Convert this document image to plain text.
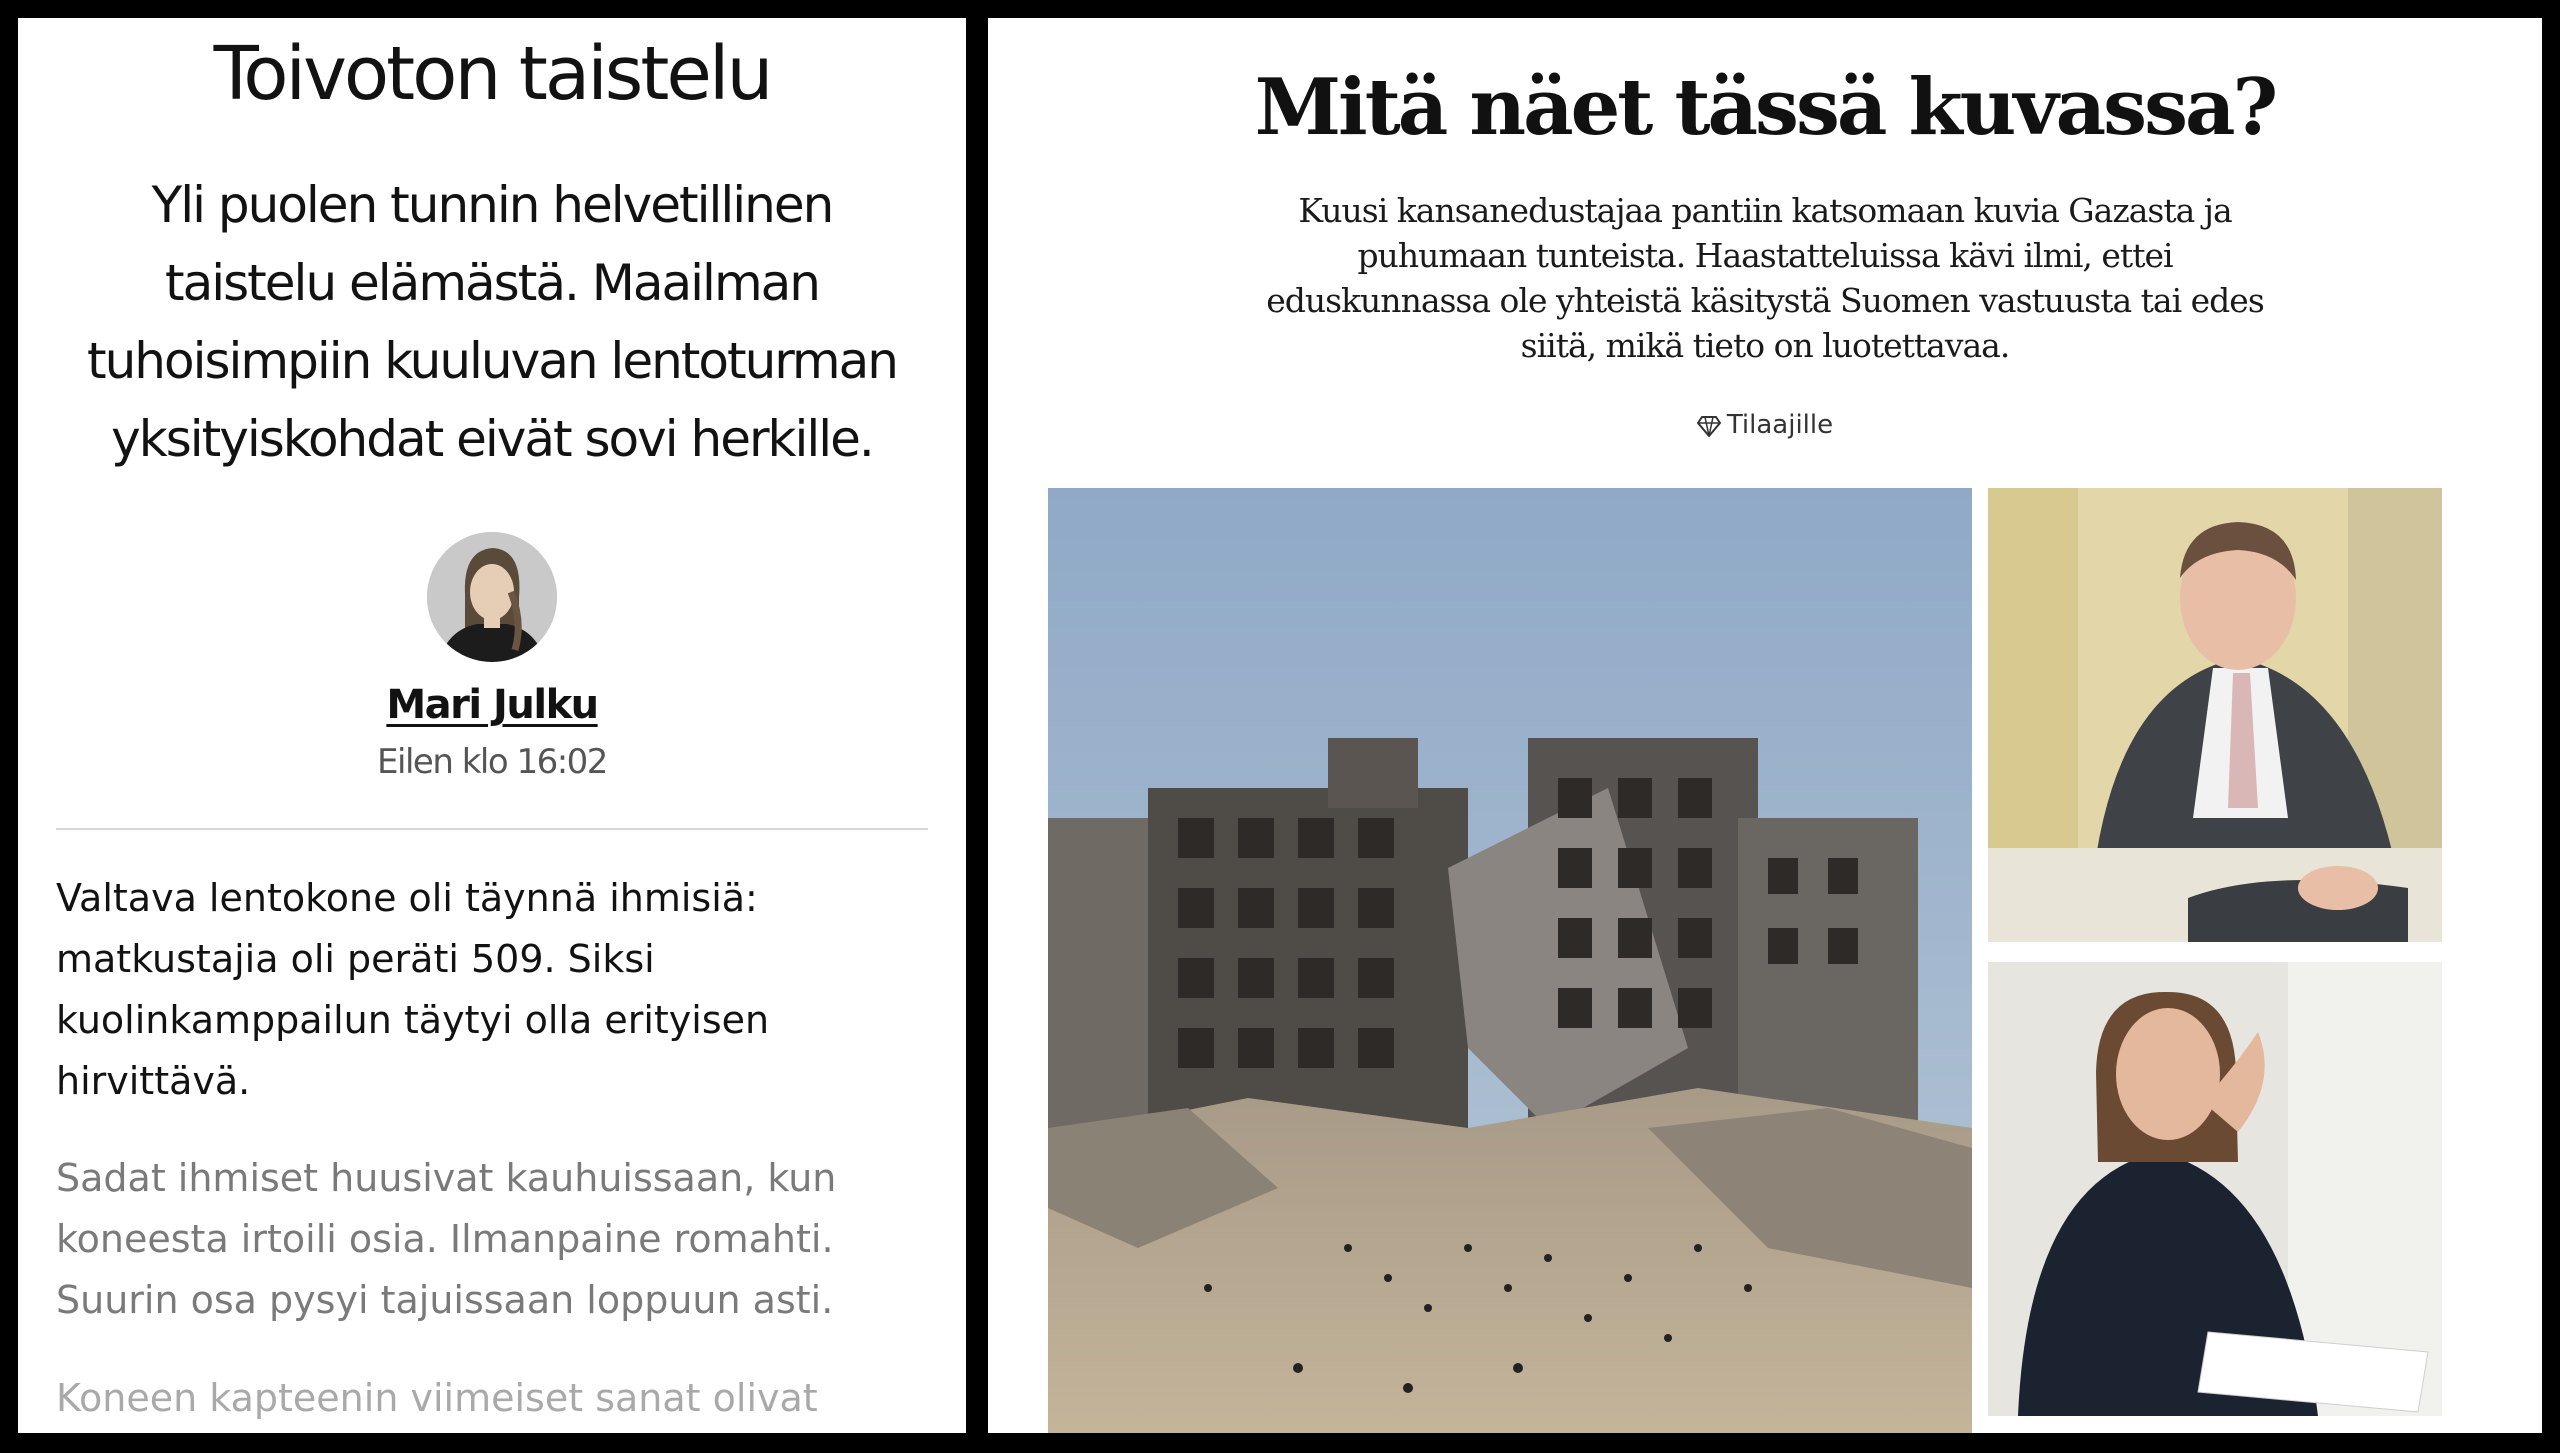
Toivoton taistelu

Yli puolen tunnin helvetillinen taistelu elämästä. Maailman tuhoisimpiin kuuluvan lentoturman yksityiskohdat eivät sovi herkille.

Mari Julku
Eilen klo 16:02

Valtava lentokone oli täynnä ihmisiä: matkustajia oli peräti 509. Siksi kuolinkamppailun täytyi olla erityisen hirvittävä.

Sadat ihmiset huusivat kauhuissaan, kun koneesta irtoili osia. Ilmanpaine romahti. Suurin osa pysyi tajuissaan loppuun asti.

Koneen kapteenin viimeiset sanat olivat

Mitä näet tässä kuvassa?

Kuusi kansanedustajaa pantiin katsomaan kuvia Gazasta ja puhumaan tunteista. Haastatteluissa kävi ilmi, ettei eduskunnassa ole yhteistä käsitystä Suomen vastuusta tai edes siitä, mikä tieto on luotettavaa.

Tilaajille
